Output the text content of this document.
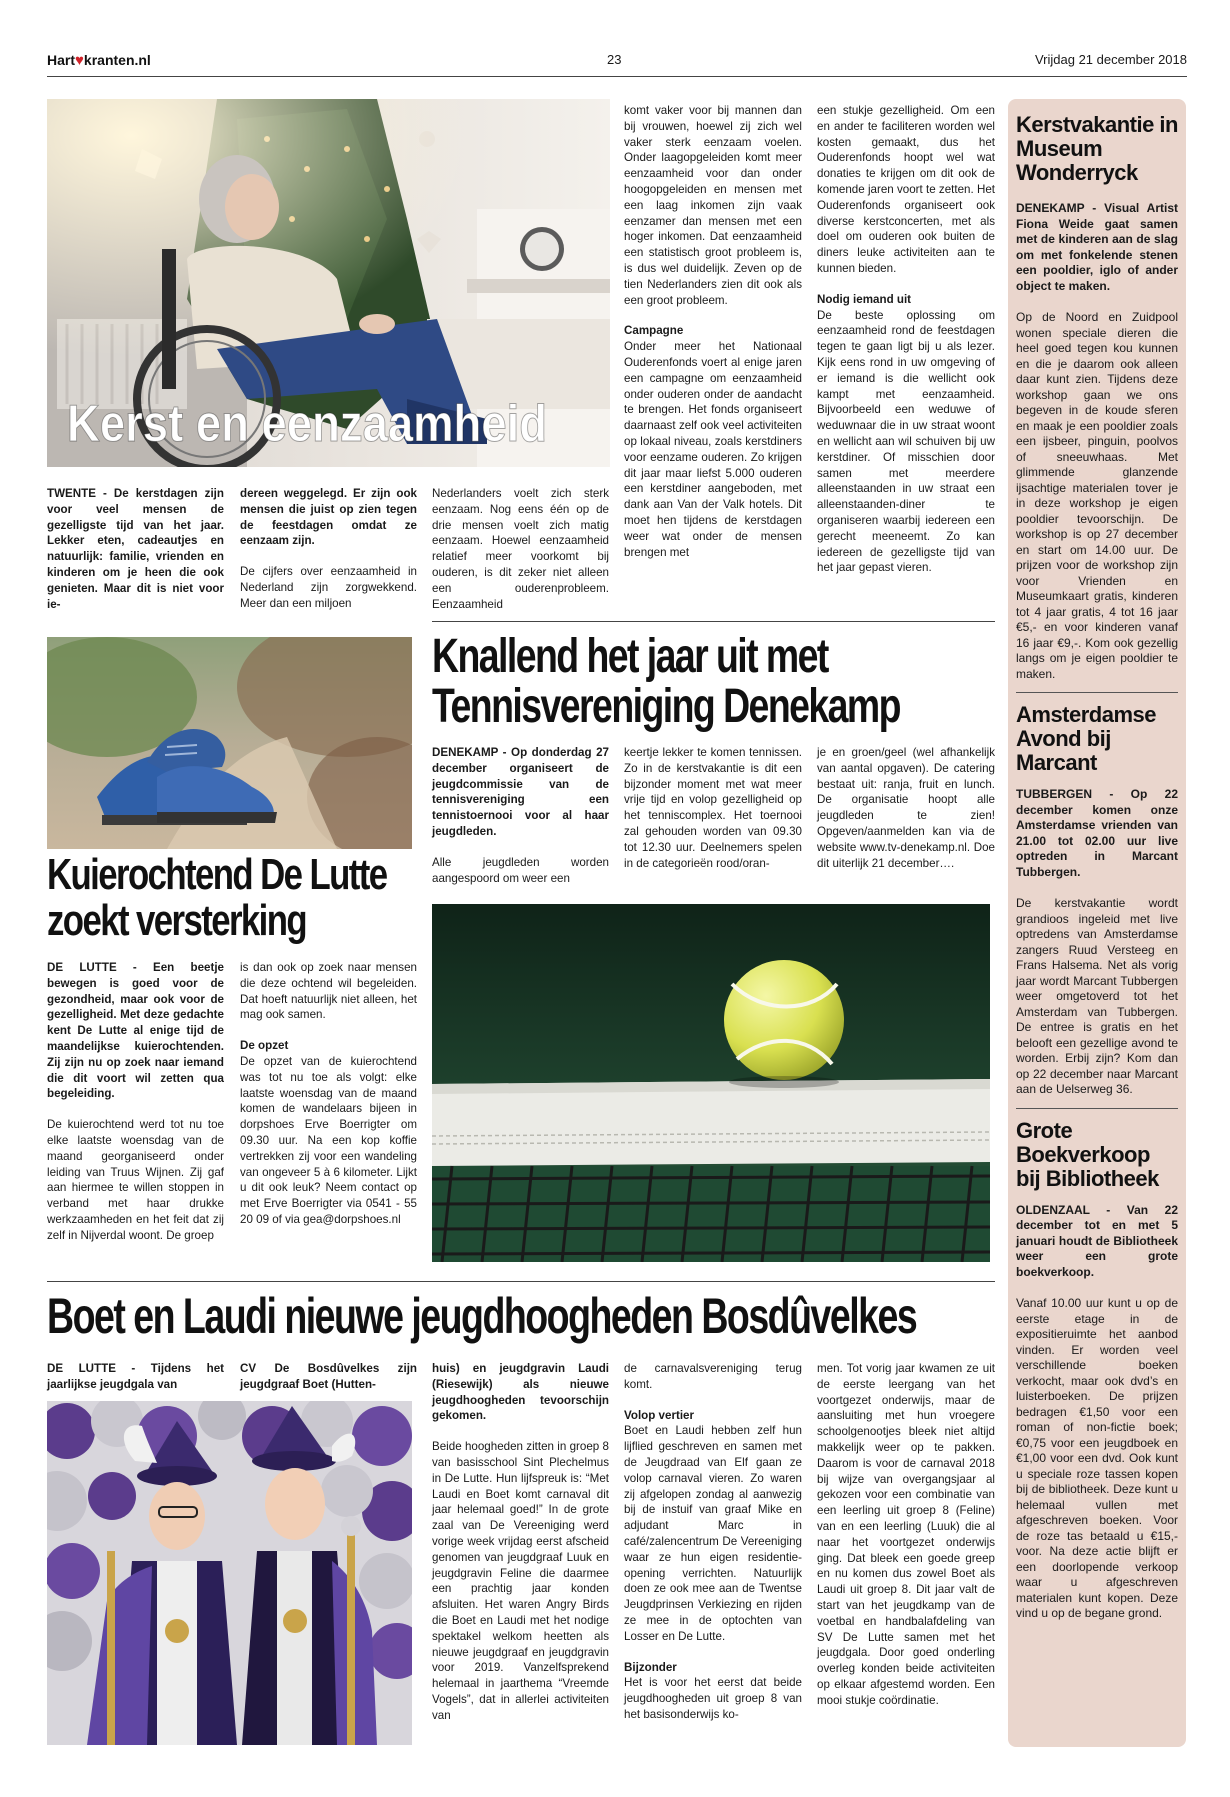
Hart♥kranten.nl	23	Vrijdag 21 december 2018
Kerst en eenzaamheid
TWENTE - De kerstdagen zijn voor veel mensen de gezelligste tijd van het jaar. Lekker eten, cadeautjes en natuurlijk: familie, vrienden en kinderen om je heen die ook genieten. Maar dit is niet voor ie-

dereen weggelegd. Er zijn ook mensen die juist op zien tegen de feestdagen omdat ze eenzaam zijn.

De cijfers over eenzaamheid in Nederland zijn zorgwekkend. Meer dan een miljoen

Nederlanders voelt zich sterk eenzaam. Nog eens één op de drie mensen voelt zich matig eenzaam. Hoewel eenzaamheid relatief meer voorkomt bij ouderen, is dit zeker niet alleen een ouderenprobleem. Eenzaamheid

komt vaker voor bij mannen dan bij vrouwen, hoewel zij zich wel vaker sterk eenzaam voelen. Onder laagopgeleiden komt meer eenzaamheid voor dan onder hoogopgeleiden en mensen met een laag inkomen zijn vaak eenzamer dan mensen met een hoger inkomen. Dat eenzaamheid een statistisch groot probleem is, is dus wel duidelijk. Zeven op de tien Nederlanders zien dit ook als een groot probleem.

Campagne

Onder meer het Nationaal Ouderenfonds voert al enige jaren een campagne om eenzaamheid onder ouderen onder de aandacht te brengen. Het fonds organiseert daarnaast zelf ook veel activiteiten op lokaal niveau, zoals kerstdiners voor eenzame ouderen. Zo krijgen dit jaar maar liefst 5.000 ouderen een kerstdiner aangeboden, met dank aan Van der Valk hotels. Dit moet hen tijdens de kerstdagen weer wat onder de mensen brengen met

een stukje gezelligheid. Om een en ander te faciliteren worden wel kosten gemaakt, dus het Ouderenfonds hoopt wel wat donaties te krijgen om dit ook de komende jaren voort te zetten. Het Ouderenfonds organiseert ook diverse kerstconcerten, met als doel om ouderen ook buiten de diners leuke activiteiten aan te kunnen bieden.

Nodig iemand uit

De beste oplossing om eenzaamheid rond de feestdagen tegen te gaan ligt bij u als lezer. Kijk eens rond in uw omgeving of er iemand is die wellicht ook kampt met eenzaamheid. Bijvoorbeeld een weduwe of weduwnaar die in uw straat woont en wellicht aan wil schuiven bij uw kerstdiner. Of misschien door samen met meerdere alleenstaanden in uw straat een alleenstaanden-diner te organiseren waarbij iedereen een gerecht meeneemt. Zo kan iedereen de gezelligste tijd van het jaar gepast vieren.

Kuierochtend De Lutte
zoekt versterking

DE LUTTE - Een beetje bewegen is goed voor de gezondheid, maar ook voor de gezelligheid. Met deze gedachte kent De Lutte al enige tijd de maandelijkse kuierochtenden. Zij zijn nu op zoek naar iemand die dit voort wil zetten qua begeleiding.

De kuierochtend werd tot nu toe elke laatste woensdag van de maand georganiseerd onder leiding van Truus Wijnen. Zij gaf aan hiermee te willen stoppen in verband met haar drukke werkzaamheden en het feit dat zij zelf in Nijverdal woont. De groep

is dan ook op zoek naar mensen die deze ochtend wil begeleiden. Dat hoeft natuurlijk niet alleen, het mag ook samen.

De opzet

De opzet van de kuierochtend was tot nu toe als volgt: elke laatste woensdag van de maand komen de wandelaars bijeen in dorpshoes Erve Boerrigter om 09.30 uur. Na een kop koffie vertrekken zij voor een wandeling van ongeveer 5 à 6 kilometer. Lijkt u dit ook leuk? Neem contact op met Erve Boerrigter via 0541 - 55 20 09 of via gea@dorpshoes.nl

Knallend het jaar uit met
Tennisvereniging Denekamp

DENEKAMP - Op donderdag 27 december organiseert de jeugdcommissie van de tennisvereniging een tennistoernooi voor al haar jeugdleden.

Alle jeugdleden worden aangespoord om weer een

keertje lekker te komen tennissen. Zo in de kerstvakantie is dit een bijzonder moment met wat meer vrije tijd en volop gezelligheid op het tenniscomplex. Het toernooi zal gehouden worden van 09.30 tot 12.30 uur. Deelnemers spelen in de categorieën rood/oran-
je en groen/geel (wel afhankelijk van aantal opgaven). De catering bestaat uit: ranja, fruit en lunch. De organisatie hoopt alle jeugdleden te zien! Opgeven/aanmelden kan via de website www.tv-denekamp.nl. Doe dit uiterlijk 21 december….
Boet en Laudi nieuwe jeugdhoogheden Bosdûvelkes
DE LUTTE - Tijdens het jaarlijkse jeugdgala van
CV De Bosdûvelkes zijn jeugdgraaf Boet (Hutten-

huis) en jeugdgravin Laudi (Riesewijk) als nieuwe jeugdhoogheden tevoorschijn gekomen.

Beide hoogheden zitten in groep 8 van basisschool Sint Plechelmus in De Lutte. Hun lijfspreuk is: “Met Laudi en Boet komt carnaval dit jaar helemaal goed!” In de grote zaal van De Vereeniging werd vorige week vrijdag eerst afscheid genomen van jeugdgraaf Luuk en jeugdgravin Feline die daarmee een prachtig jaar konden afsluiten. Het waren Angry Birds die Boet en Laudi met het nodige spektakel welkom heetten als nieuwe jeugdgraaf en jeugdgravin voor 2019. Vanzelfsprekend helemaal in jaarthema “Vreemde Vogels”, dat in allerlei activiteiten van

de carnavalsvereniging terug komt.

Volop vertier

Boet en Laudi hebben zelf hun lijflied geschreven en samen met de Jeugdraad van Elf gaan ze volop carnaval vieren. Zo waren zij afgelopen zondag al aanwezig bij de instuif van graaf Mike en adjudant Marc in café/zalencentrum De Vereeniging waar ze hun eigen residentie-opening verrichten. Natuurlijk doen ze ook mee aan de Twentse Jeugdprinsen Verkiezing en rijden ze mee in de optochten van Losser en De Lutte.

Bijzonder

Het is voor het eerst dat beide jeugdhoogheden uit groep 8 van het basisonderwijs ko-

men. Tot vorig jaar kwamen ze uit de eerste leergang van het voortgezet onderwijs, maar de aansluiting met hun vroegere schoolgenootjes bleek niet altijd makkelijk weer op te pakken. Daarom is voor de carnaval 2018 bij wijze van overgangsjaar al gekozen voor een combinatie van een leerling uit groep 8 (Feline) van en een leerling (Luuk) die al naar het voortgezet onderwijs ging. Dat bleek een goede greep en nu komen dus zowel Boet als Laudi uit groep 8. Dit jaar valt de start van het jeugdkamp van de voetbal en handbalafdeling van SV De Lutte samen met het jeugdgala. Door goed onderling overleg konden beide activiteiten op elkaar afgestemd worden. Een mooi stukje coördinatie.
Kerstvakantie in Museum Wonderryck
DENEKAMP - Visual Artist Fiona Weide gaat samen met de kinderen aan de slag om met fonkelende stenen een pooldier, iglo of ander object te maken.
Op de Noord en Zuidpool wonen speciale dieren die heel goed tegen kou kunnen en die je daarom ook alleen daar kunt zien. Tijdens deze workshop gaan we ons begeven in de koude sferen en maak je een pooldier zoals een ijsbeer, pinguin, poolvos of sneeuwhaas. Met glimmende glanzende ijsachtige materialen tover je in deze workshop je eigen pooldier tevoorschijn. De workshop is op 27 december en start om 14.00 uur. De prijzen voor de workshop zijn voor Vrienden en Museumkaart gratis, kinderen tot 4 jaar gratis, 4 tot 16 jaar €5,- en voor kinderen vanaf 16 jaar €9,-. Kom ook gezellig langs om je eigen pooldier te maken.
Amsterdamse Avond bij Marcant
TUBBERGEN - Op 22 december komen onze Amsterdamse vrienden van 21.00 tot 02.00 uur live optreden in Marcant Tubbergen.
De kerstvakantie wordt grandioos ingeleid met live optredens van Amsterdamse zangers Ruud Versteeg en Frans Halsema. Net als vorig jaar wordt Marcant Tubbergen weer omgetoverd tot het Amsterdam van Tubbergen. De entree is gratis en het belooft een gezellige avond te worden. Erbij zijn? Kom dan op 22 december naar Marcant aan de Uelserweg 36.
Grote Boekverkoop bij Bibliotheek
OLDENZAAL - Van 22 december tot en met 5 januari houdt de Bibliotheek weer een grote boekverkoop.
Vanaf 10.00 uur kunt u op de eerste etage in de expositieruimte het aanbod vinden. Er worden veel verschillende boeken verkocht, maar ook dvd’s en luisterboeken. De prijzen bedragen €1,50 voor een roman of non-fictie boek; €0,75 voor een jeugdboek en €1,00 voor een dvd. Ook kunt u speciale roze tassen kopen bij de bibliotheek. Deze kunt u helemaal vullen met afgeschreven boeken. Voor de roze tas betaald u €15,- voor. Na deze actie blijft er een doorlopende verkoop waar u afgeschreven materialen kunt kopen. Deze vind u op de begane grond.
